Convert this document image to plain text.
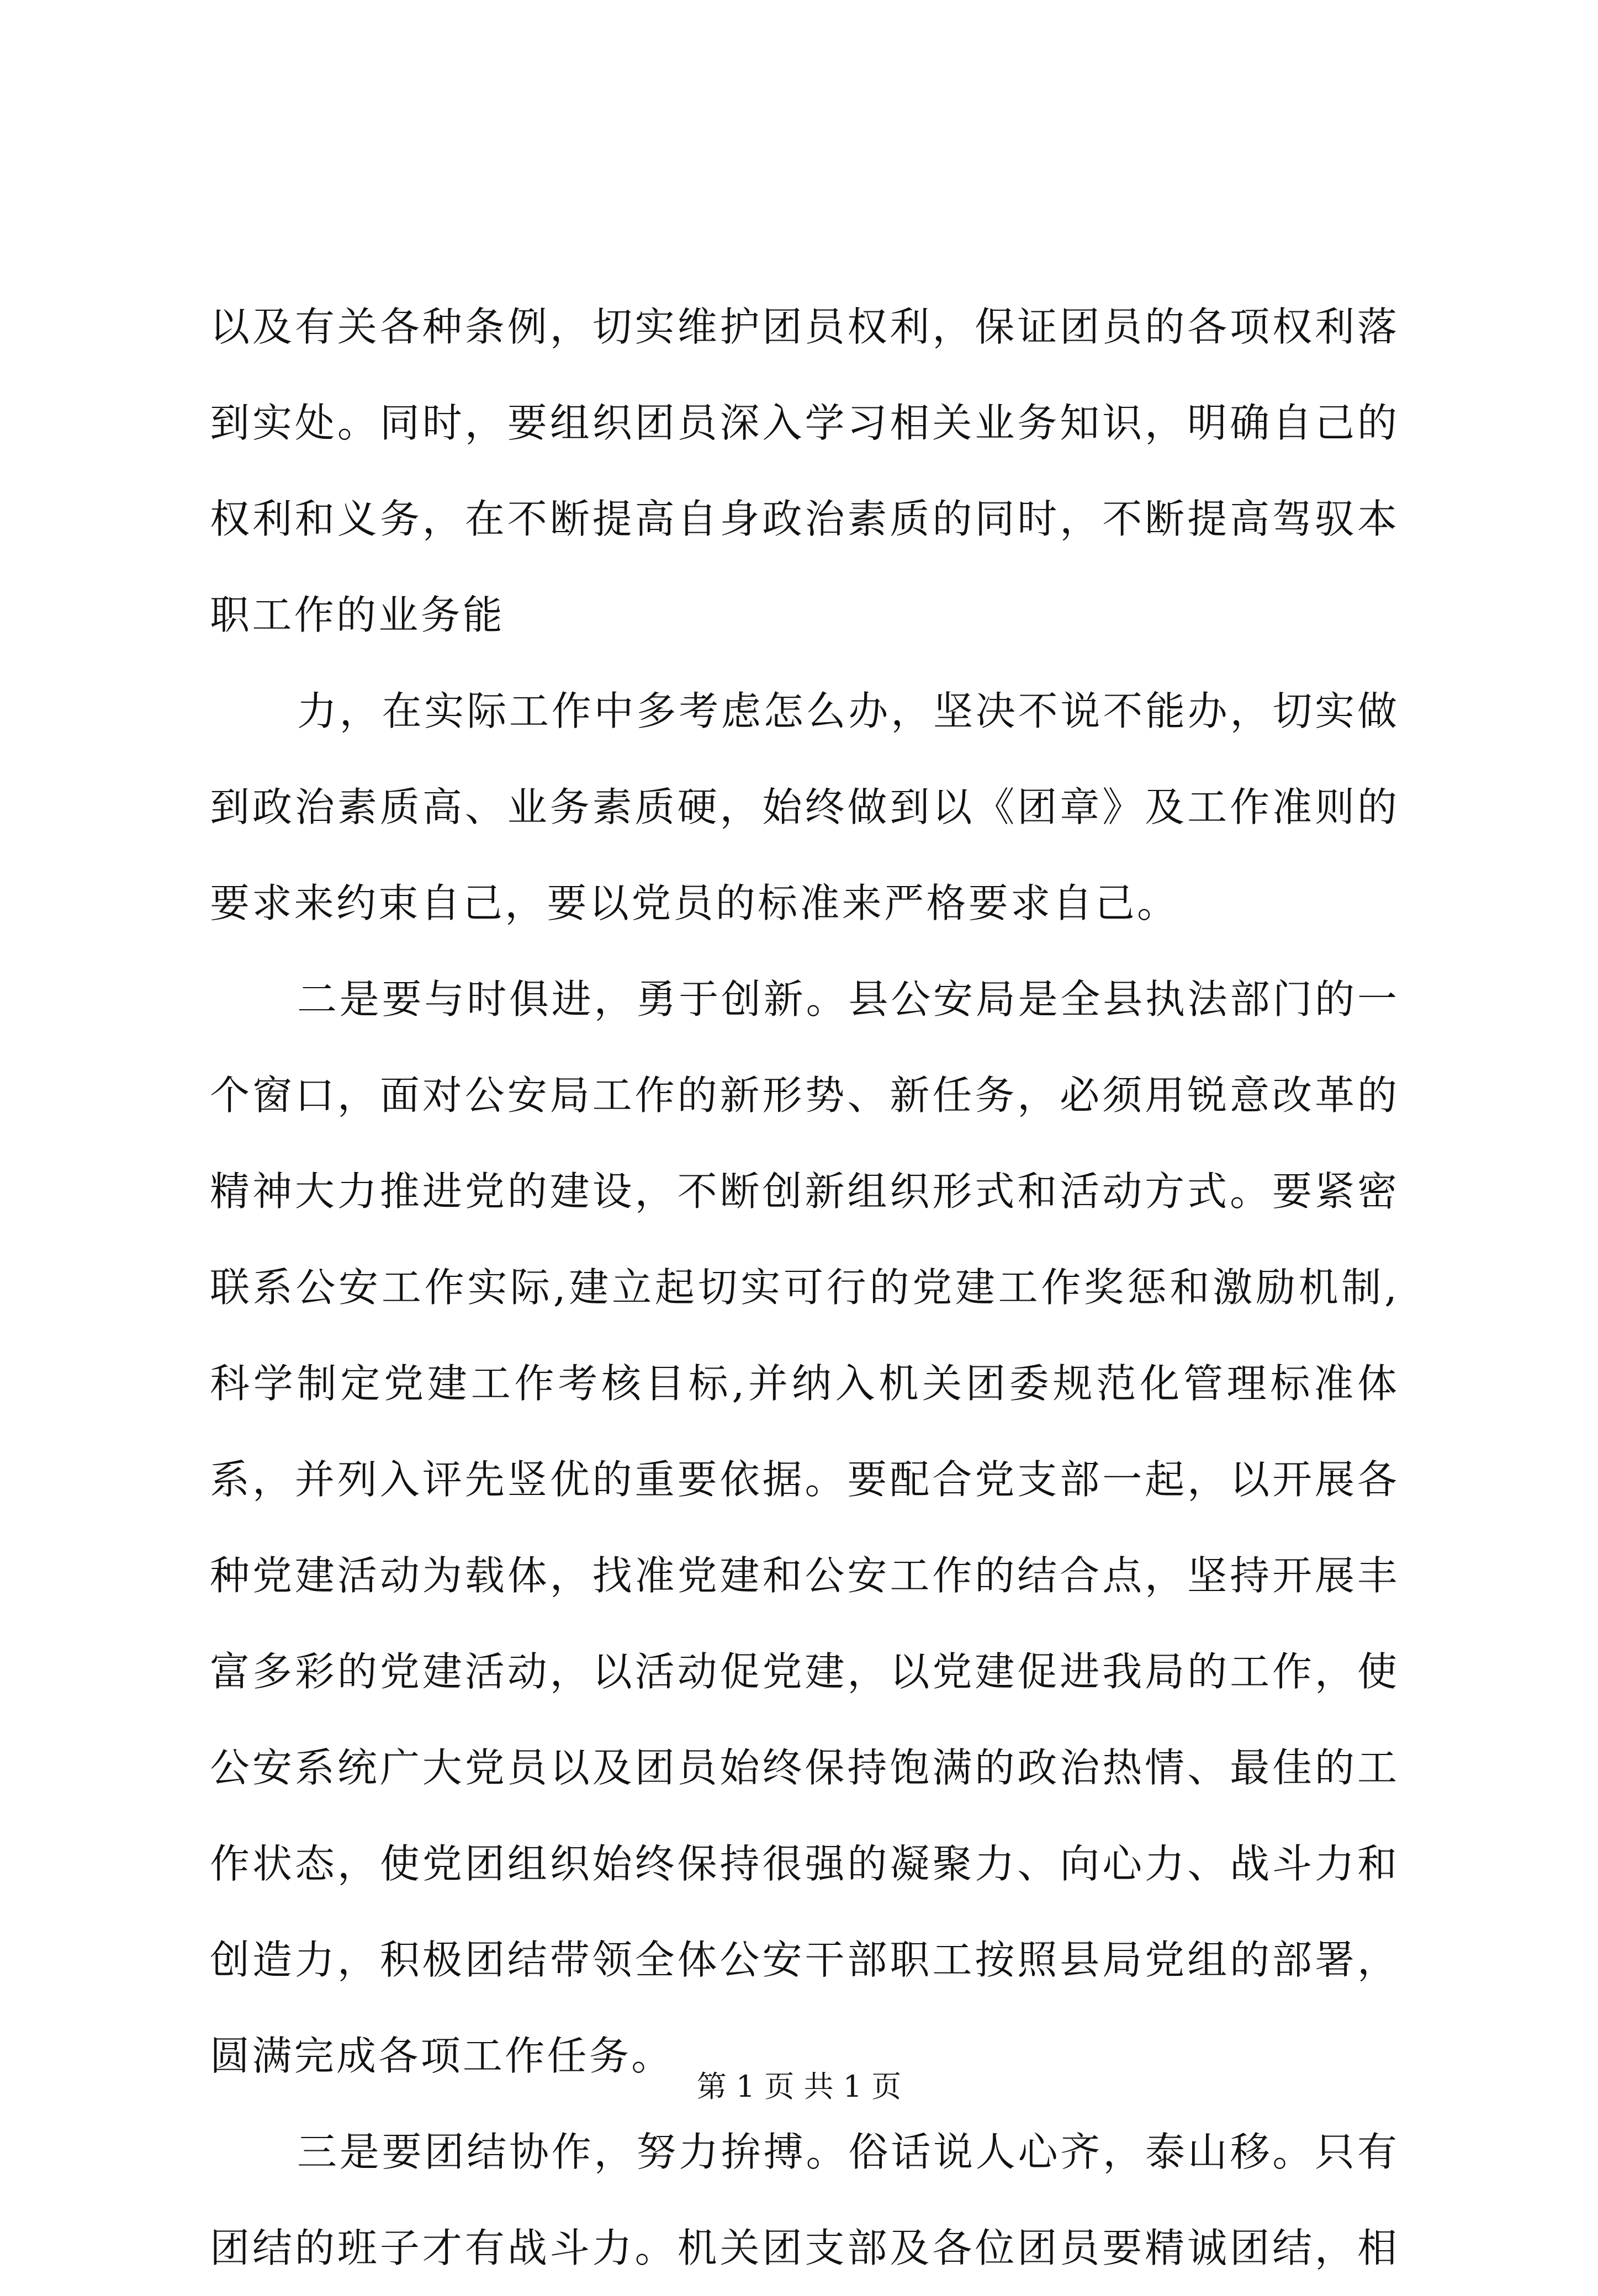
以及有关各种条例，切实维护团员权利，保证团员的各项权利落
到实处。同时，要组织团员深入学习相关业务知识，明确自己的
权利和义务，在不断提高自身政治素质的同时，不断提高驾驭本
职工作的业务能
力，在实际工作中多考虑怎么办，坚决不说不能办，切实做
到政治素质高、业务素质硬，始终做到以《团章》及工作准则的
要求来约束自己，要以党员的标准来严格要求自己。
二是要与时俱进，勇于创新。县公安局是全县执法部门的一
个窗口，面对公安局工作的新形势、新任务，必须用锐意改革的
精神大力推进党的建设，不断创新组织形式和活动方式。要紧密
联系公安工作实际,建立起切实可行的党建工作奖惩和激励机制,
科学制定党建工作考核目标,并纳入机关团委规范化管理标准体
系，并列入评先竖优的重要依据。要配合党支部一起，以开展各
种党建活动为载体，找准党建和公安工作的结合点，坚持开展丰
富多彩的党建活动，以活动促党建，以党建促进我局的工作，使
公安系统广大党员以及团员始终保持饱满的政治热情、最佳的工
作状态，使党团组织始终保持很强的凝聚力、向心力、战斗力和
创造力，积极团结带领全体公安干部职工按照县局党组的部署，
圆满完成各项工作任务。
三是要团结协作，努力拚搏。俗话说人心齐，泰山移。只有
团结的班子才有战斗力。机关团支部及各位团员要精诚团结，相
第 1 页 共 1 页
